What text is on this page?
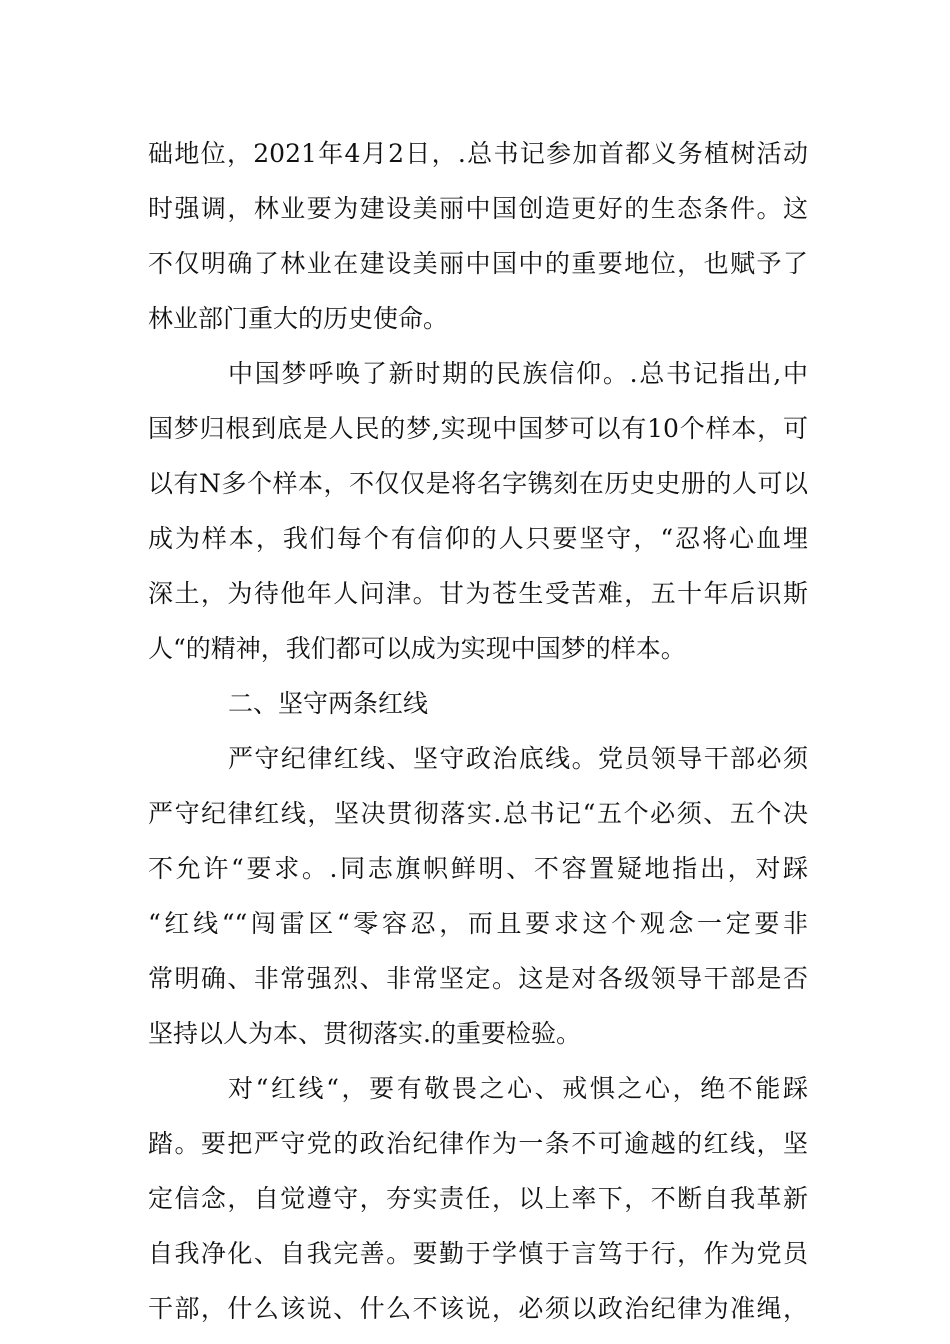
础地位，2021年4月2日，.总书记参加首都义务植树活动
时强调，林业要为建设美丽中国创造更好的生态条件。这
不仅明确了林业在建设美丽中国中的重要地位，也赋予了
林业部门重大的历史使命。
中国梦呼唤了新时期的民族信仰。.总书记指出,中
国梦归根到底是人民的梦,实现中国梦可以有10个样本，可
以有N多个样本，不仅仅是将名字镌刻在历史史册的人可以
成为样本，我们每个有信仰的人只要坚守，“忍将心血埋
深土，为待他年人问津。甘为苍生受苦难，五十年后识斯
人“的精神，我们都可以成为实现中国梦的样本。
二、坚守两条红线
严守纪律红线、坚守政治底线。党员领导干部必须
严守纪律红线，坚决贯彻落实.总书记“五个必须、五个决
不允许“要求。.同志旗帜鲜明、不容置疑地指出，对踩
“红线““闯雷区“零容忍，而且要求这个观念一定要非
常明确、非常强烈、非常坚定。这是对各级领导干部是否
坚持以人为本、贯彻落实.的重要检验。
对“红线“，要有敬畏之心、戒惧之心，绝不能踩
踏。要把严守党的政治纪律作为一条不可逾越的红线，坚
定信念，自觉遵守，夯实责任，以上率下，不断自我革新
自我净化、自我完善。要勤于学慎于言笃于行，作为党员
干部，什么该说、什么不该说，必须以政治纪律为准绳，
